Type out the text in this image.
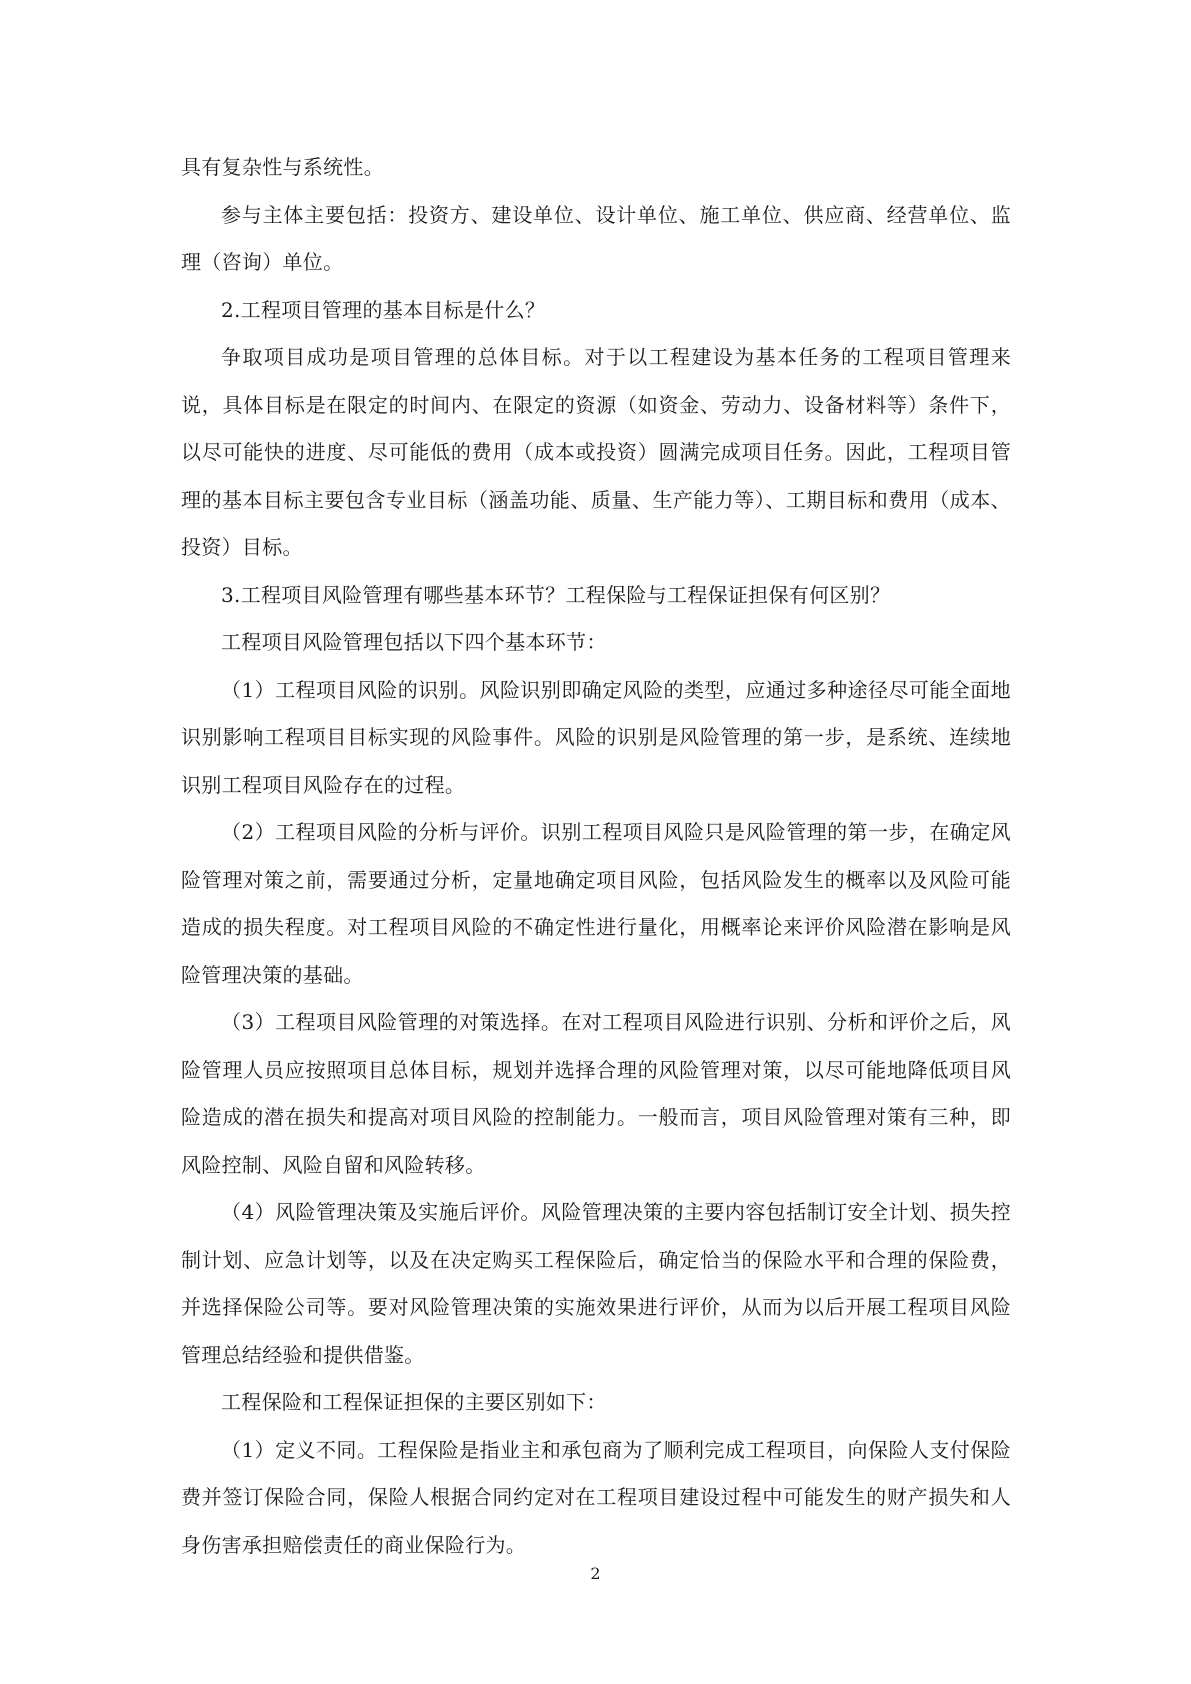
具有复杂性与系统性。

参与主体主要包括：投资方、建设单位、设计单位、施工单位、供应商、经营单位、监理（咨询）单位。

2.工程项目管理的基本目标是什么？

争取项目成功是项目管理的总体目标。对于以工程建设为基本任务的工程项目管理来说，具体目标是在限定的时间内、在限定的资源（如资金、劳动力、设备材料等）条件下，以尽可能快的进度、尽可能低的费用（成本或投资）圆满完成项目任务。因此，工程项目管理的基本目标主要包含专业目标（涵盖功能、质量、生产能力等）、工期目标和费用（成本、投资）目标。

3.工程项目风险管理有哪些基本环节？工程保险与工程保证担保有何区别？

工程项目风险管理包括以下四个基本环节：

（1）工程项目风险的识别。风险识别即确定风险的类型，应通过多种途径尽可能全面地识别影响工程项目目标实现的风险事件。风险的识别是风险管理的第一步，是系统、连续地识别工程项目风险存在的过程。

（2）工程项目风险的分析与评价。识别工程项目风险只是风险管理的第一步，在确定风险管理对策之前，需要通过分析，定量地确定项目风险，包括风险发生的概率以及风险可能造成的损失程度。对工程项目风险的不确定性进行量化，用概率论来评价风险潜在影响是风险管理决策的基础。

（3）工程项目风险管理的对策选择。在对工程项目风险进行识别、分析和评价之后，风险管理人员应按照项目总体目标，规划并选择合理的风险管理对策，以尽可能地降低项目风险造成的潜在损失和提高对项目风险的控制能力。一般而言，项目风险管理对策有三种，即风险控制、风险自留和风险转移。

（4）风险管理决策及实施后评价。风险管理决策的主要内容包括制订安全计划、损失控制计划、应急计划等，以及在决定购买工程保险后，确定恰当的保险水平和合理的保险费，并选择保险公司等。要对风险管理决策的实施效果进行评价，从而为以后开展工程项目风险管理总结经验和提供借鉴。

工程保险和工程保证担保的主要区别如下：

（1）定义不同。工程保险是指业主和承包商为了顺利完成工程项目，向保险人支付保险费并签订保险合同，保险人根据合同约定对在工程项目建设过程中可能发生的财产损失和人身伤害承担赔偿责任的商业保险行为。

2
